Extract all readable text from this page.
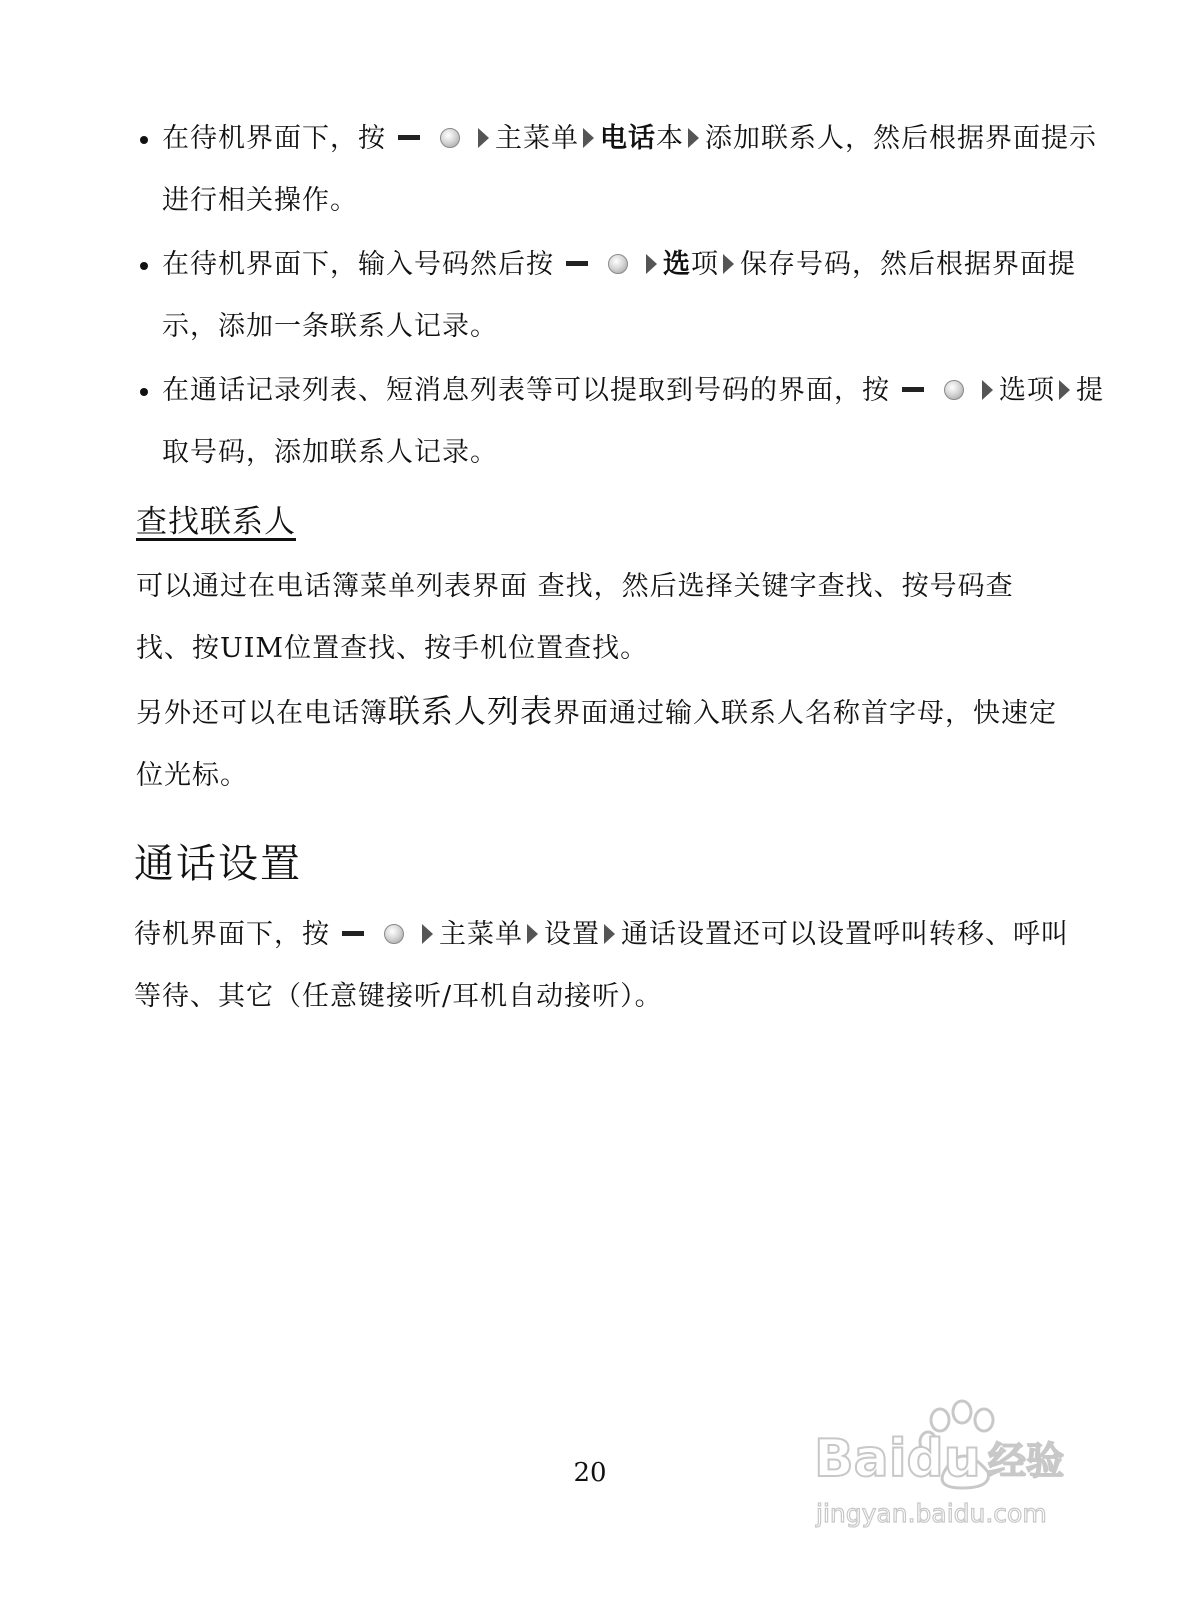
在待机界面下，按	主菜单 电话本 添加联系人，然后根据界面提示进行相关操作。
在待机界面下，输入号码然后按	选项 保存号码，然后根据界面提示，添加一条联系人记录。
在通话记录列表、短消息列表等可以提取到号码的界面，按	选项 提取号码，添加联系人记录。
查找联系人
可以通过在电话簿菜单列表界面 查找，然后选择关键字查找、按号码查找、按UIM位置查找、按手机位置查找。
另外还可以在电话簿联系人列表界面通过输入联系人名称首字母，快速定位光标。
通话设置
待机界面下，按	主菜单 设置 通话设置还可以设置呼叫转移、呼叫等待、其它（任意键接听/耳机自动接听）。
20	Baidu 经验
jingyan.baidu.com
